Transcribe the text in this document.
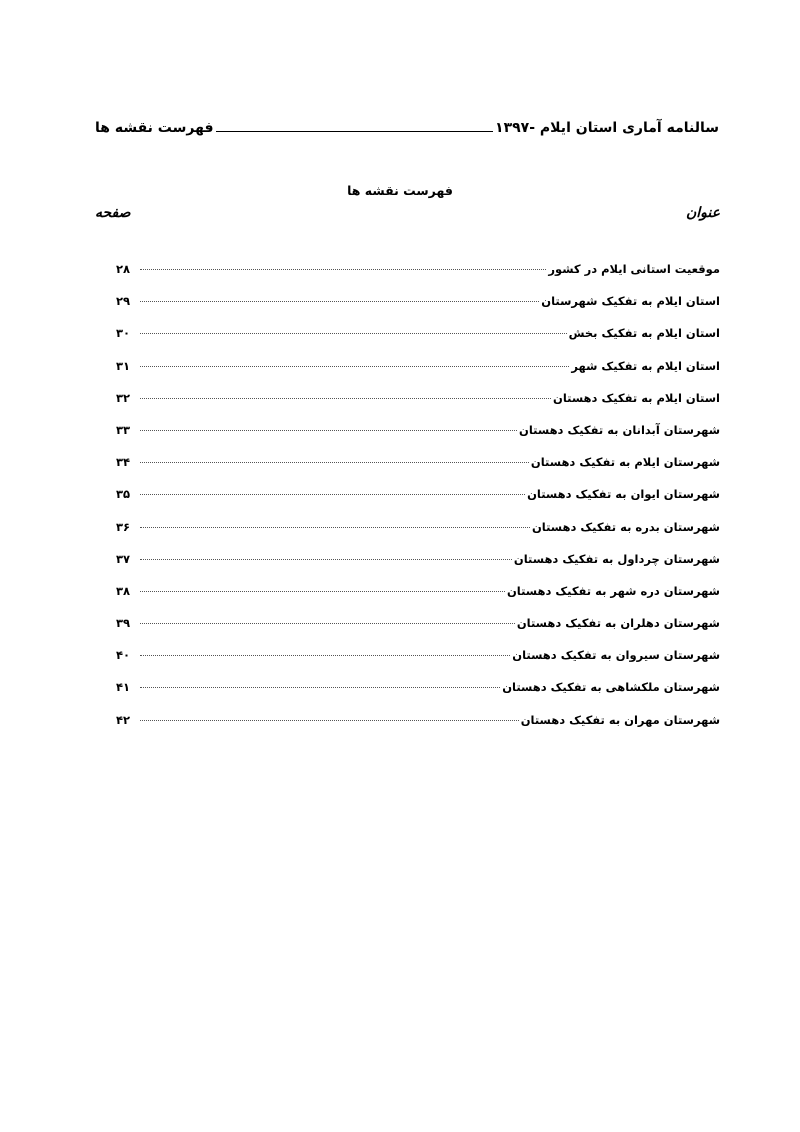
سالنامه آماری استان ایلام -۱۳۹۷
فهرست نقشه ها
فهرست نقشه ها
عنوان
صفحه
موقعیت استانی ایلام در کشور
۲۸
استان ایلام به تفکیک شهرستان
۲۹
استان ایلام به تفکیک بخش
۳۰
استان ایلام به تفکیک شهر
۳۱
استان ایلام به تفکیک دهستان
۳۲
شهرستان آبدانان به تفکیک دهستان
۳۳
شهرستان ایلام به تفکیک دهستان
۳۴
شهرستان ایوان به تفکیک دهستان
۳۵
شهرستان بدره به تفکیک دهستان
۳۶
شهرستان چرداول به تفکیک دهستان
۳۷
شهرستان دره شهر به تفکیک دهستان
۳۸
شهرستان دهلران به تفکیک دهستان
۳۹
شهرستان سیروان به تفکیک دهستان
۴۰
شهرستان ملکشاهی به تفکیک دهستان
۴۱
شهرستان مهران به تفکیک دهستان
۴۲
